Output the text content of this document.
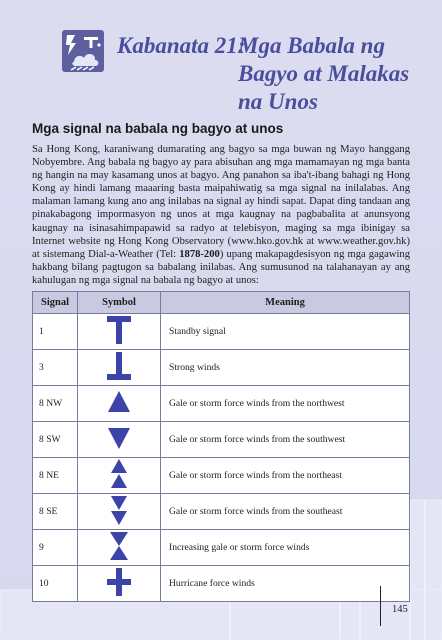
Kabanata 21:Mga Babala ng
Bagyo at Malakas
na Unos
Mga signal na babala ng bagyo at unos
Sa Hong Kong, karaniwang dumarating ang bagyo sa mga buwan ng Mayo hanggang Nobyembre. Ang babala ng bagyo ay para abisuhan ang mga mamamayan ng mga banta ng hangin na may kasamang unos at bagyo. Ang panahon sa iba't-ibang bahagi ng Hong Kong ay hindi lamang maaaring basta maipahiwatig sa mga signal na inilalabas. Ang malaman lamang kung ano ang inilabas na signal ay hindi sapat. Dapat ding tandaan ang pinakabagong impormasyon ng unos at mga kaugnay na pagbabalita at anunsyong kaugnay na isinasahimpapawid sa radyo at telebisyon, maging sa mga ibinigay sa Internet website ng Hong Kong Observatory (www.hko.gov.hk at www.weather.gov.hk) at sistemang Dial-a-Weather (Tel: 1878-200) upang makapagdesisyon ng mga gagawing hakbang bilang pagtugon sa babalang inilabas. Ang sumusunod na talahanayan ay ang kahulugan ng mga signal na babala ng bagyo at unos:
Signal	Symbol	Meaning
1		Standby signal
3		Strong winds
8 NW		Gale or storm force winds from the northwest
8 SW		Gale or storm force winds from the southwest
8 NE		Gale or storm force winds from the northeast
8 SE		Gale or storm force winds from the southeast
9		Increasing gale or storm force winds
10		Hurricane force winds
145
